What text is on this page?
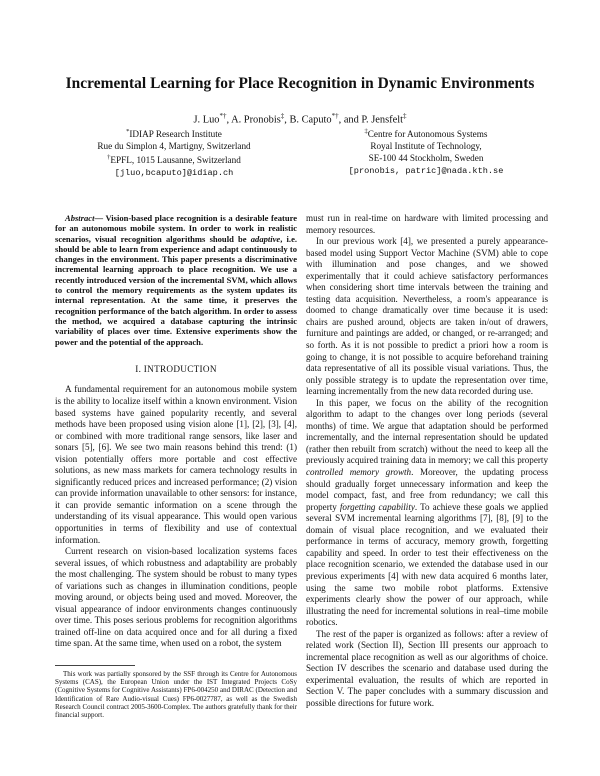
Incremental Learning for Place Recognition in Dynamic Environments
J. Luo*†, A. Pronobis‡, B. Caputo*†, and P. Jensfelt‡
*IDIAP Research Institute
Rue du Simplon 4, Martigny, Switzerland
†EPFL, 1015 Lausanne, Switzerland
[jluo,bcaputo]@idiap.ch
‡Centre for Autonomous Systems
Royal Institute of Technology,
SE-100 44 Stockholm, Sweden
[pronobis, patric]@nada.kth.se

Abstract— Vision-based place recognition is a desirable feature for an autonomous mobile system. In order to work in realistic scenarios, visual recognition algorithms should be adaptive, i.e. should be able to learn from experience and adapt continuously to changes in the environment. This paper presents a discriminative incremental learning approach to place recognition. We use a recently introduced version of the incremental SVM, which allows to control the memory requirements as the system updates its internal representation. At the same time, it preserves the recognition performance of the batch algorithm. In order to assess the method, we acquired a database capturing the intrinsic variability of places over time. Extensive experiments show the power and the potential of the approach.

I. INTRODUCTION

A fundamental requirement for an autonomous mobile system is the ability to localize itself within a known environment. Vision based systems have gained popularity recently, and several methods have been proposed using vision alone [1], [2], [3], [4], or combined with more traditional range sensors, like laser and sonars [5], [6]. We see two main reasons behind this trend: (1) vision potentially offers more portable and cost effective solutions, as new mass markets for camera technology results in significantly reduced prices and increased performance; (2) vision can provide information unavailable to other sensors: for instance, it can provide semantic information on a scene through the understanding of its visual appearance. This would open various opportunities in terms of flexibility and use of contextual information.

Current research on vision-based localization systems faces several issues, of which robustness and adaptability are probably the most challenging. The system should be robust to many types of variations such as changes in illumination conditions, people moving around, or objects being used and moved. Moreover, the visual appearance of indoor environments changes continuously over time. This poses serious problems for recognition algorithms trained off-line on data acquired once and for all during a fixed time span. At the same time, when used on a robot, the system

This work was partially sponsored by the SSF through its Centre for Autonomous Systems (CAS), the European Union under the IST Integrated Projects CoSy (Cognitive Systems for Cognitive Assistants) FP6-004250 and DIRAC (Detection and Identification of Rare Audio-visual Cues) FP6-0027787, as well as the Swedish Research Council contract 2005-3600-Complex. The authors gratefully thank for their financial support.

must run in real-time on hardware with limited processing and memory resources.

In our previous work [4], we presented a purely appearance-based model using Support Vector Machine (SVM) able to cope with illumination and pose changes, and we showed experimentally that it could achieve satisfactory performances when considering short time intervals between the training and testing data acquisition. Nevertheless, a room's appearance is doomed to change dramatically over time because it is used: chairs are pushed around, objects are taken in/out of drawers, furniture and paintings are added, or changed, or re-arranged; and so forth. As it is not possible to predict a priori how a room is going to change, it is not possible to acquire beforehand training data representative of all its possible visual variations. Thus, the only possible strategy is to update the representation over time, learning incrementally from the new data recorded during use.

In this paper, we focus on the ability of the recognition algorithm to adapt to the changes over long periods (several months) of time. We argue that adaptation should be performed incrementally, and the internal representation should be updated (rather then rebuilt from scratch) without the need to keep all the previously acquired training data in memory; we call this property controlled memory growth. Moreover, the updating process should gradually forget unnecessary information and keep the model compact, fast, and free from redundancy; we call this property forgetting capability. To achieve these goals we applied several SVM incremental learning algorithms [7], [8], [9] to the domain of visual place recognition, and we evaluated their performance in terms of accuracy, memory growth, forgetting capability and speed. In order to test their effectiveness on the place recognition scenario, we extended the database used in our previous experiments [4] with new data acquired 6 months later, using the same two mobile robot platforms. Extensive experiments clearly show the power of our approach, while illustrating the need for incremental solutions in real–time mobile robotics.

The rest of the paper is organized as follows: after a review of related work (Section II), Section III presents our approach to incremental place recognition as well as our algorithms of choice. Section IV describes the scenario and database used during the experimental evaluation, the results of which are reported in Section V. The paper concludes with a summary discussion and possible directions for future work.
